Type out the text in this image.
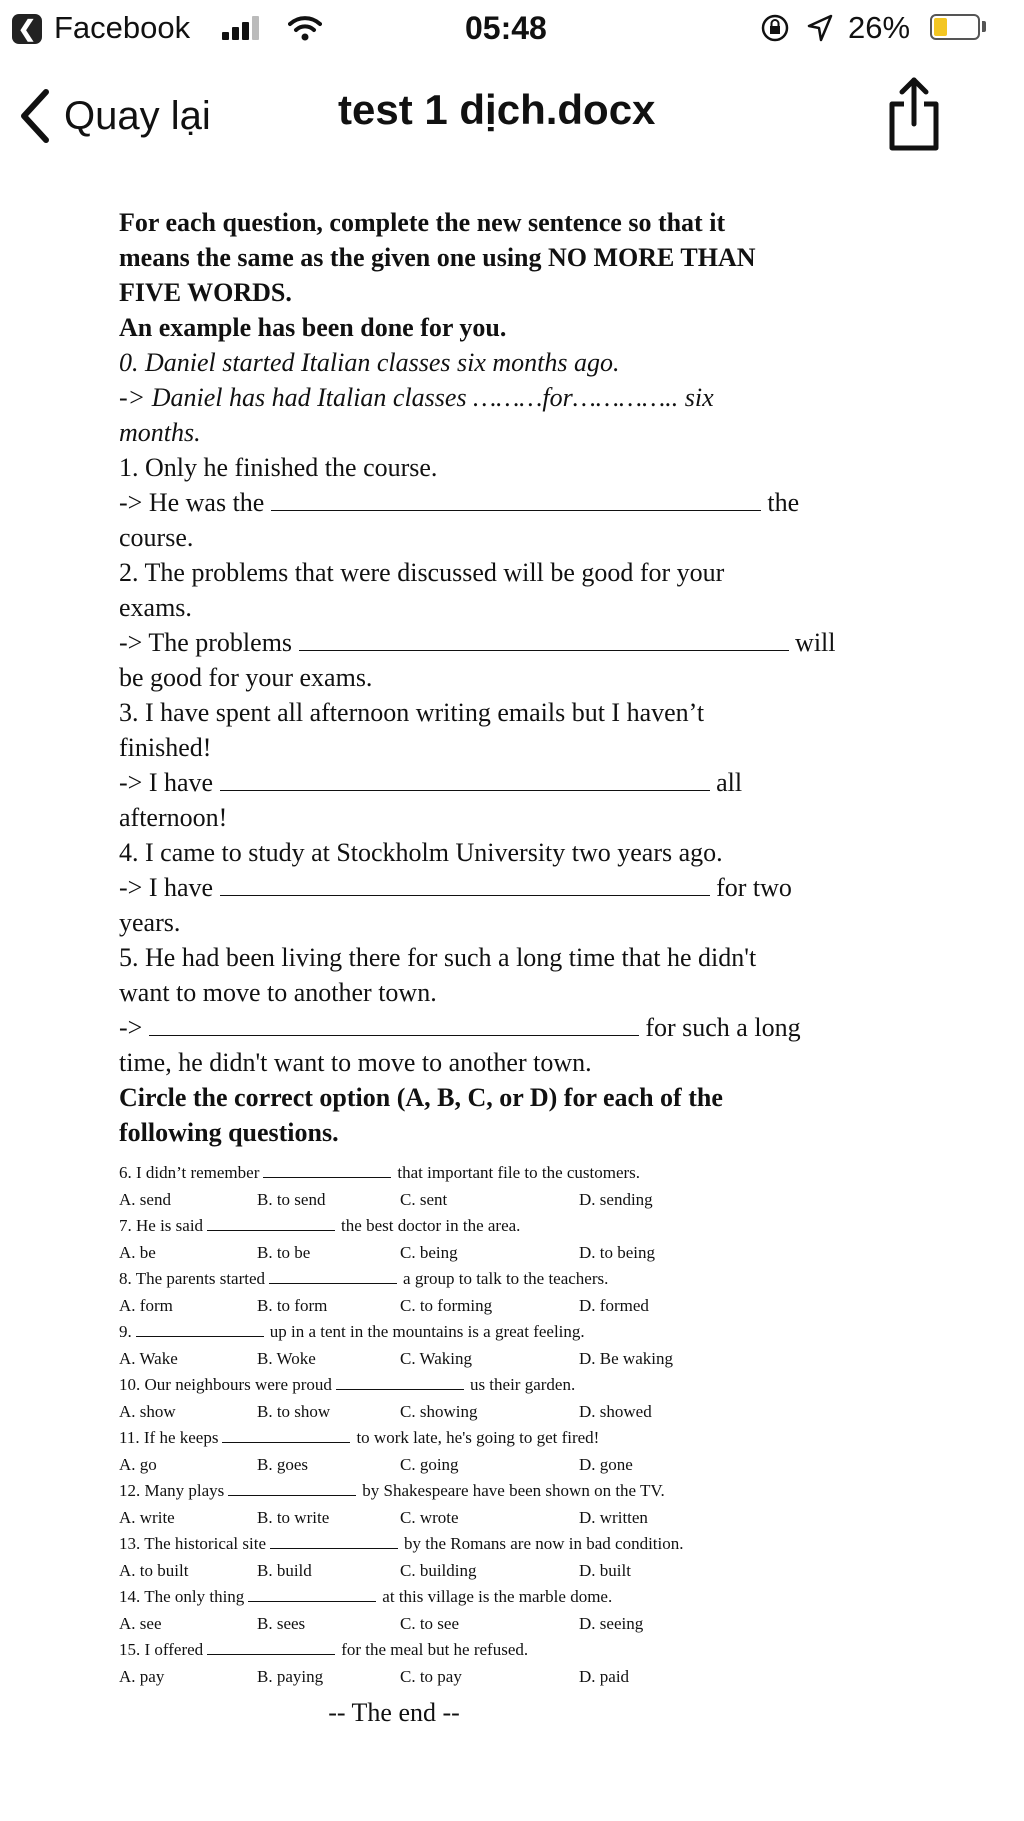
❮ Facebook	05:48	26%
Quay lại	test 1 dịch.docx

For each question, complete the new sentence so that it

means the same as the given one using NO MORE THAN

FIVE WORDS.

An example has been done for you.

0. Daniel started Italian classes six months ago.

-> Daniel has had Italian classes ………for………….. six

months.

1. Only he finished the course.

-> He was the	the

course.

2. The problems that were discussed will be good for your

exams.

-> The problems	will

be good for your exams.

3. I have spent all afternoon writing emails but I haven’t

finished!

-> I have	all

afternoon!

4. I came to study at Stockholm University two years ago.

-> I have	for two

years.

5. He had been living there for such a long time that he didn't

want to move to another town.

->	for such a long

time, he didn't want to move to another town.

Circle the correct option (A, B, C, or D) for each of the

following questions.

6. I didn’t remember	that important file to the customers.
A. send	B. to send	C. sent	D. sending
7. He is said	the best doctor in the area.
A. be	B. to be	C. being	D. to being
8. The parents started	a group to talk to the teachers.
A. form	B. to form	C. to forming	D. formed
9.	up in a tent in the mountains is a great feeling.
A. Wake	B. Woke	C. Waking	D. Be waking
10. Our neighbours were proud	us their garden.
A. show	B. to show	C. showing	D. showed
11. If he keeps	to work late, he's going to get fired!
A. go	B. goes	C. going	D. gone
12. Many plays	by Shakespeare have been shown on the TV.
A. write	B. to write	C. wrote	D. written
13. The historical site	by the Romans are now in bad condition.
A. to built	B. build	C. building	D. built
14. The only thing	at this village is the marble dome.
A. see	B. sees	C. to see	D. seeing
15. I offered	for the meal but he refused.
A. pay	B. paying	C. to pay	D. paid
-- The end --
